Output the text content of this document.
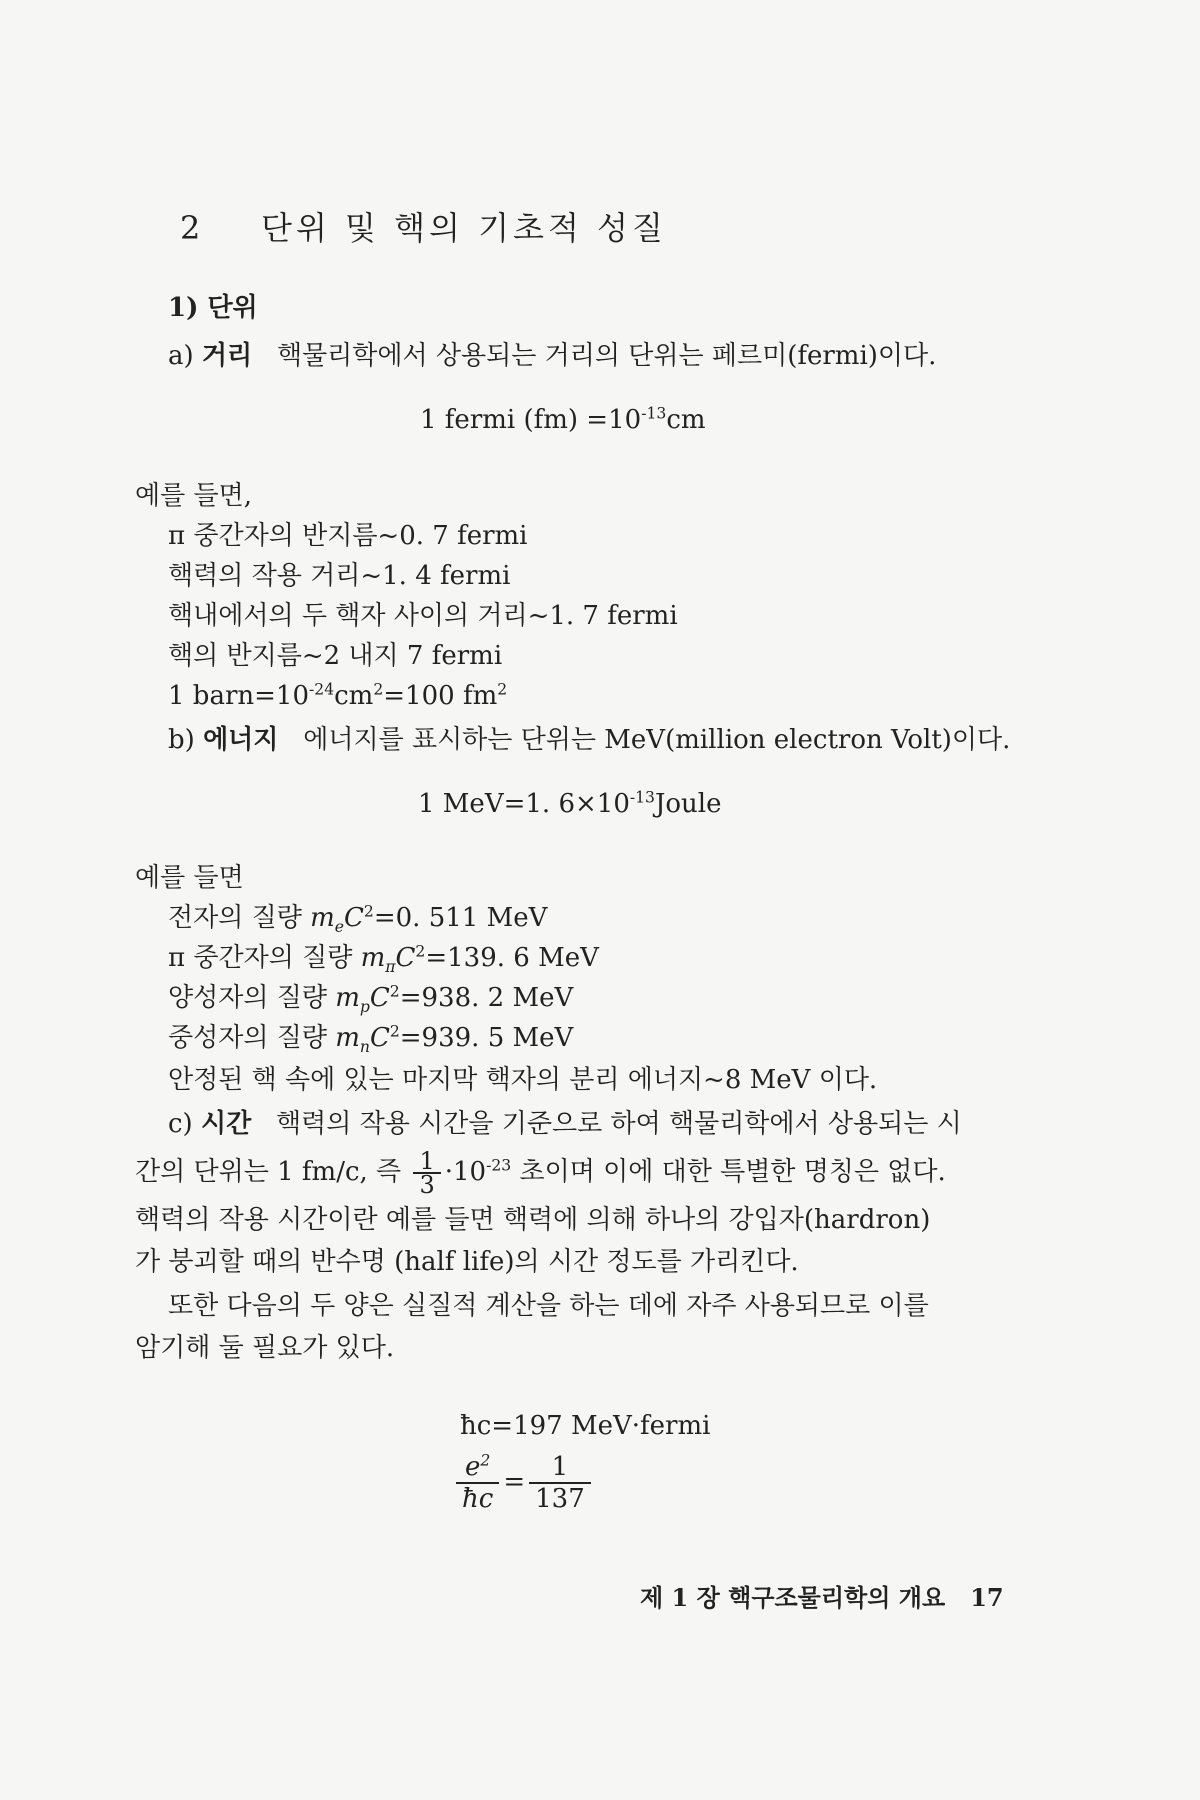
2 단위 및 핵의 기초적 성질
1) 단위
a) 거리 핵물리학에서 상용되는 거리의 단위는 페르미(fermi)이다.
1 fermi $(fm) =10^{-13}cm$
예를 들면,
π 중간자의 반지름~0. 7 fermi
핵력의 작용 거리~1. 4 fermi
핵내에서의 두 핵자 사이의 거리~1. 7 fermi
핵의 반지름~2 내지 7 fermi
1 $barn=10^{-24}cm^2=100$ $fm^2$
b) 에너지 에너지를 표시하는 단위는 MeV(million electron Volt)이다.
1 MeV=1. $6\times 10^{-13}Joule$
예를 들면
전자의 질량 $m_eC^2=0$. 511 MeV
π 중간자의 질량 $m_\pi C^2=139$. 6 MeV
양성자의 질량 $m_pC^2=938$. 2 MeV
중성자의 질량 $m_nC^2=939$. 5 MeV
안정된 핵 속에 있는 마지막 핵자의 분리 에너지~8 MeV 이다.
c) 시간 핵력의 작용 시간을 기준으로 하여 핵물리학에서 상용되는 시
간의 단위는 1 fm/c, 즉 $\frac{1}{3} \cdot 10^{-23}$ 초이며 이에 대한 특별한 명칭은 없다.
핵력의 작용 시간이란 예를 들면 핵력에 의해 하나의 강입자(hardron)
가 붕괴할 때의 반수명 (half life)의 시간 정도를 가리킨다.
또한 다음의 두 양은 실질적 계산을 하는 데에 자주 사용되므로 이를
암기해 둘 필요가 있다.
ħc=197 MeV·fermi
$\frac{e^2}{ħc} = \frac{1}{137}$
제 1 장 핵구조물리학의 개요 17
